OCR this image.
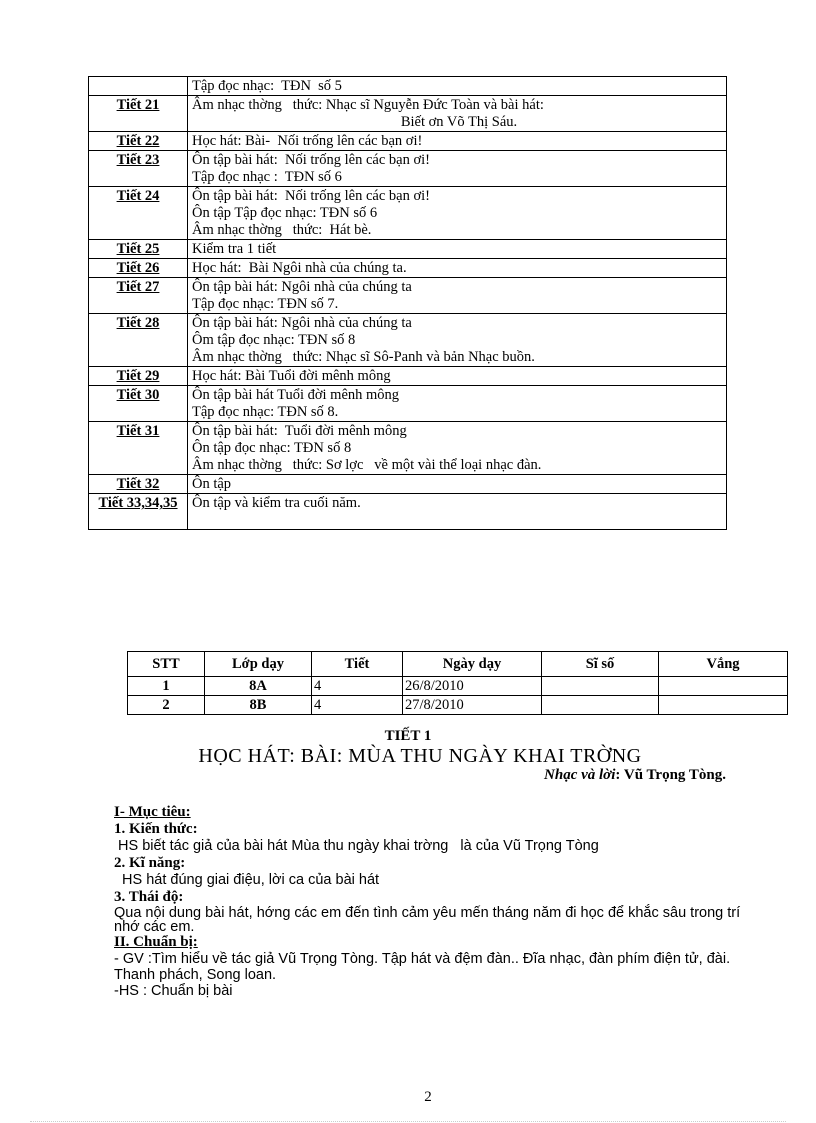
	Tập đọc nhạc:  TĐN  số 5

Tiết 21	Âm nhạc thờng   thức: Nhạc sĩ Nguyễn Đức Toàn và bài hát:
Biết ơn Võ Thị Sáu.

Tiết 22	Học hát: Bài-  Nối trống lên các bạn ơi!

Tiết 23	Ôn tập bài hát:  Nối trống lên các bạn ơi!
Tập đọc nhạc :  TĐN số 6

Tiết 24	Ôn tập bài hát:  Nối trống lên các bạn ơi!
Ôn tập Tập đọc nhạc: TĐN số 6
Âm nhạc thờng   thức:  Hát bè.

Tiết 25	Kiểm tra 1 tiết

Tiết 26	Học hát:  Bài Ngôi nhà của chúng ta.

Tiết 27	Ôn tập bài hát: Ngôi nhà của chúng ta
Tập đọc nhạc: TĐN số 7.

Tiết 28	Ôn tập bài hát: Ngôi nhà của chúng ta
Ôm tập đọc nhạc: TĐN số 8
Âm nhạc thờng   thức: Nhạc sĩ Sô-Panh và bản Nhạc buồn.

Tiết 29	Học hát: Bài Tuổi đời mênh mông

Tiết 30	Ôn tập bài hát Tuổi đời mênh mông
Tập đọc nhạc: TĐN số 8.

Tiết 31	Ôn tập bài hát:  Tuổi đời mênh mông
Ôn tập đọc nhạc: TĐN số 8
Âm nhạc thờng   thức: Sơ lợc   về một vài thể loại nhạc đàn.

Tiết 32	Ôn tập

Tiết 33,34,35	Ôn tập và kiểm tra cuối năm.
STT	Lớp dạy	Tiết	Ngày dạy	Sĩ số	Vắng
1	8A	4	26/8/2010		
2	8B	4	27/8/2010		
TIẾT 1
HỌC HÁT: BÀI: MÙA THU NGÀY KHAI TRỜNG
Nhạc và lời: Vũ Trọng Tòng.
I- Mục tiêu:
1. Kiến thức:
HS biết tác giả của bài hát Mùa thu ngày khai trờng   là của Vũ Trọng Tòng
2. Kĩ năng:
HS hát đúng giai điệu, lời ca của bài hát
3. Thái độ:
Qua nội dung bài hát, hớng các em đến tình cảm yêu mến tháng năm đi học để khắc sâu trong trí nhớ các em.
II. Chuẩn bị:
- GV :Tìm hiểu về tác giả Vũ Trọng Tòng. Tập hát và đệm đàn.. Đĩa nhạc, đàn phím điện tử, đài. Thanh phách, Song loan.
-HS : Chuẩn bị bài
2
